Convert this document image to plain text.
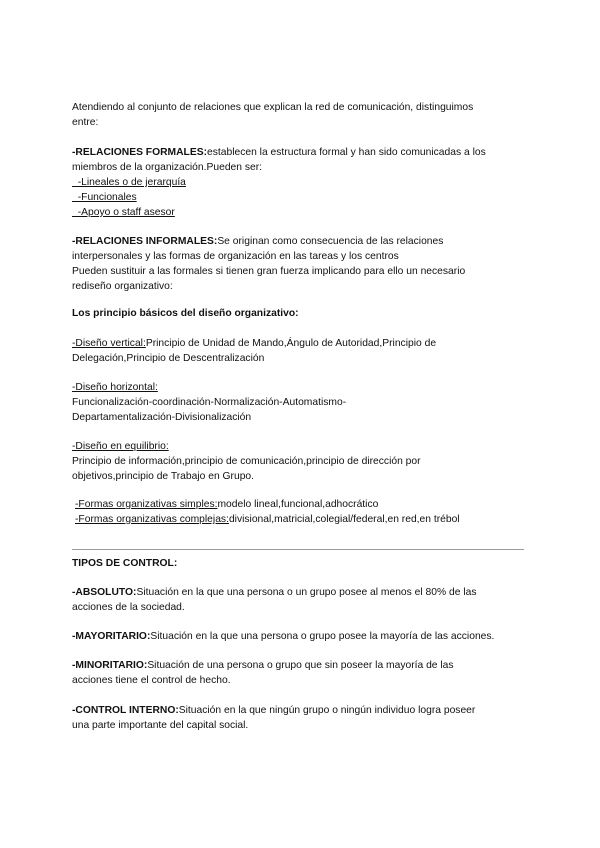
Atendiendo al conjunto de relaciones que explican la red de comunicación, distinguimos
entre:
-RELACIONES FORMALES:establecen la estructura formal y han sido comunicadas a los
miembros de la organización.Pueden ser:
-Lineales o de jerarquía
-Funcionales
-Apoyo o staff asesor
-RELACIONES INFORMALES:Se originan como consecuencia de las relaciones
interpersonales y las formas de organización en las tareas y los centros
Pueden sustituir a las formales si tienen gran fuerza implicando para ello un necesario
rediseño organizativo:
Los principio básicos del diseño organizativo:
-Diseño vertical:Principio de Unidad de Mando,Ángulo de Autoridad,Principio de
Delegación,Principio de Descentralización
-Diseño horizontal:
Funcionalización-coordinación-Normalización-Automatismo-
Departamentalización-Divisionalización
-Diseño en equilibrio:
Principio de información,principio de comunicación,principio de dirección por
objetivos,principio de Trabajo en Grupo.
-Formas organizativas simples:modelo lineal,funcional,adhocrático
-Formas organizativas complejas:divisional,matricial,colegial/federal,en red,en trébol
TIPOS DE CONTROL:
-ABSOLUTO:Situación en la que una persona o un grupo posee al menos el 80% de las
acciones de la sociedad.
-MAYORITARIO:Situación en la que una persona o grupo posee la mayoría de las acciones.
-MINORITARIO:Situación de una persona o grupo que sin poseer la mayoría de las
acciones tiene el control de hecho.
-CONTROL INTERNO:Situación en la que ningún grupo o ningún individuo logra poseer
una parte importante del capital social.
